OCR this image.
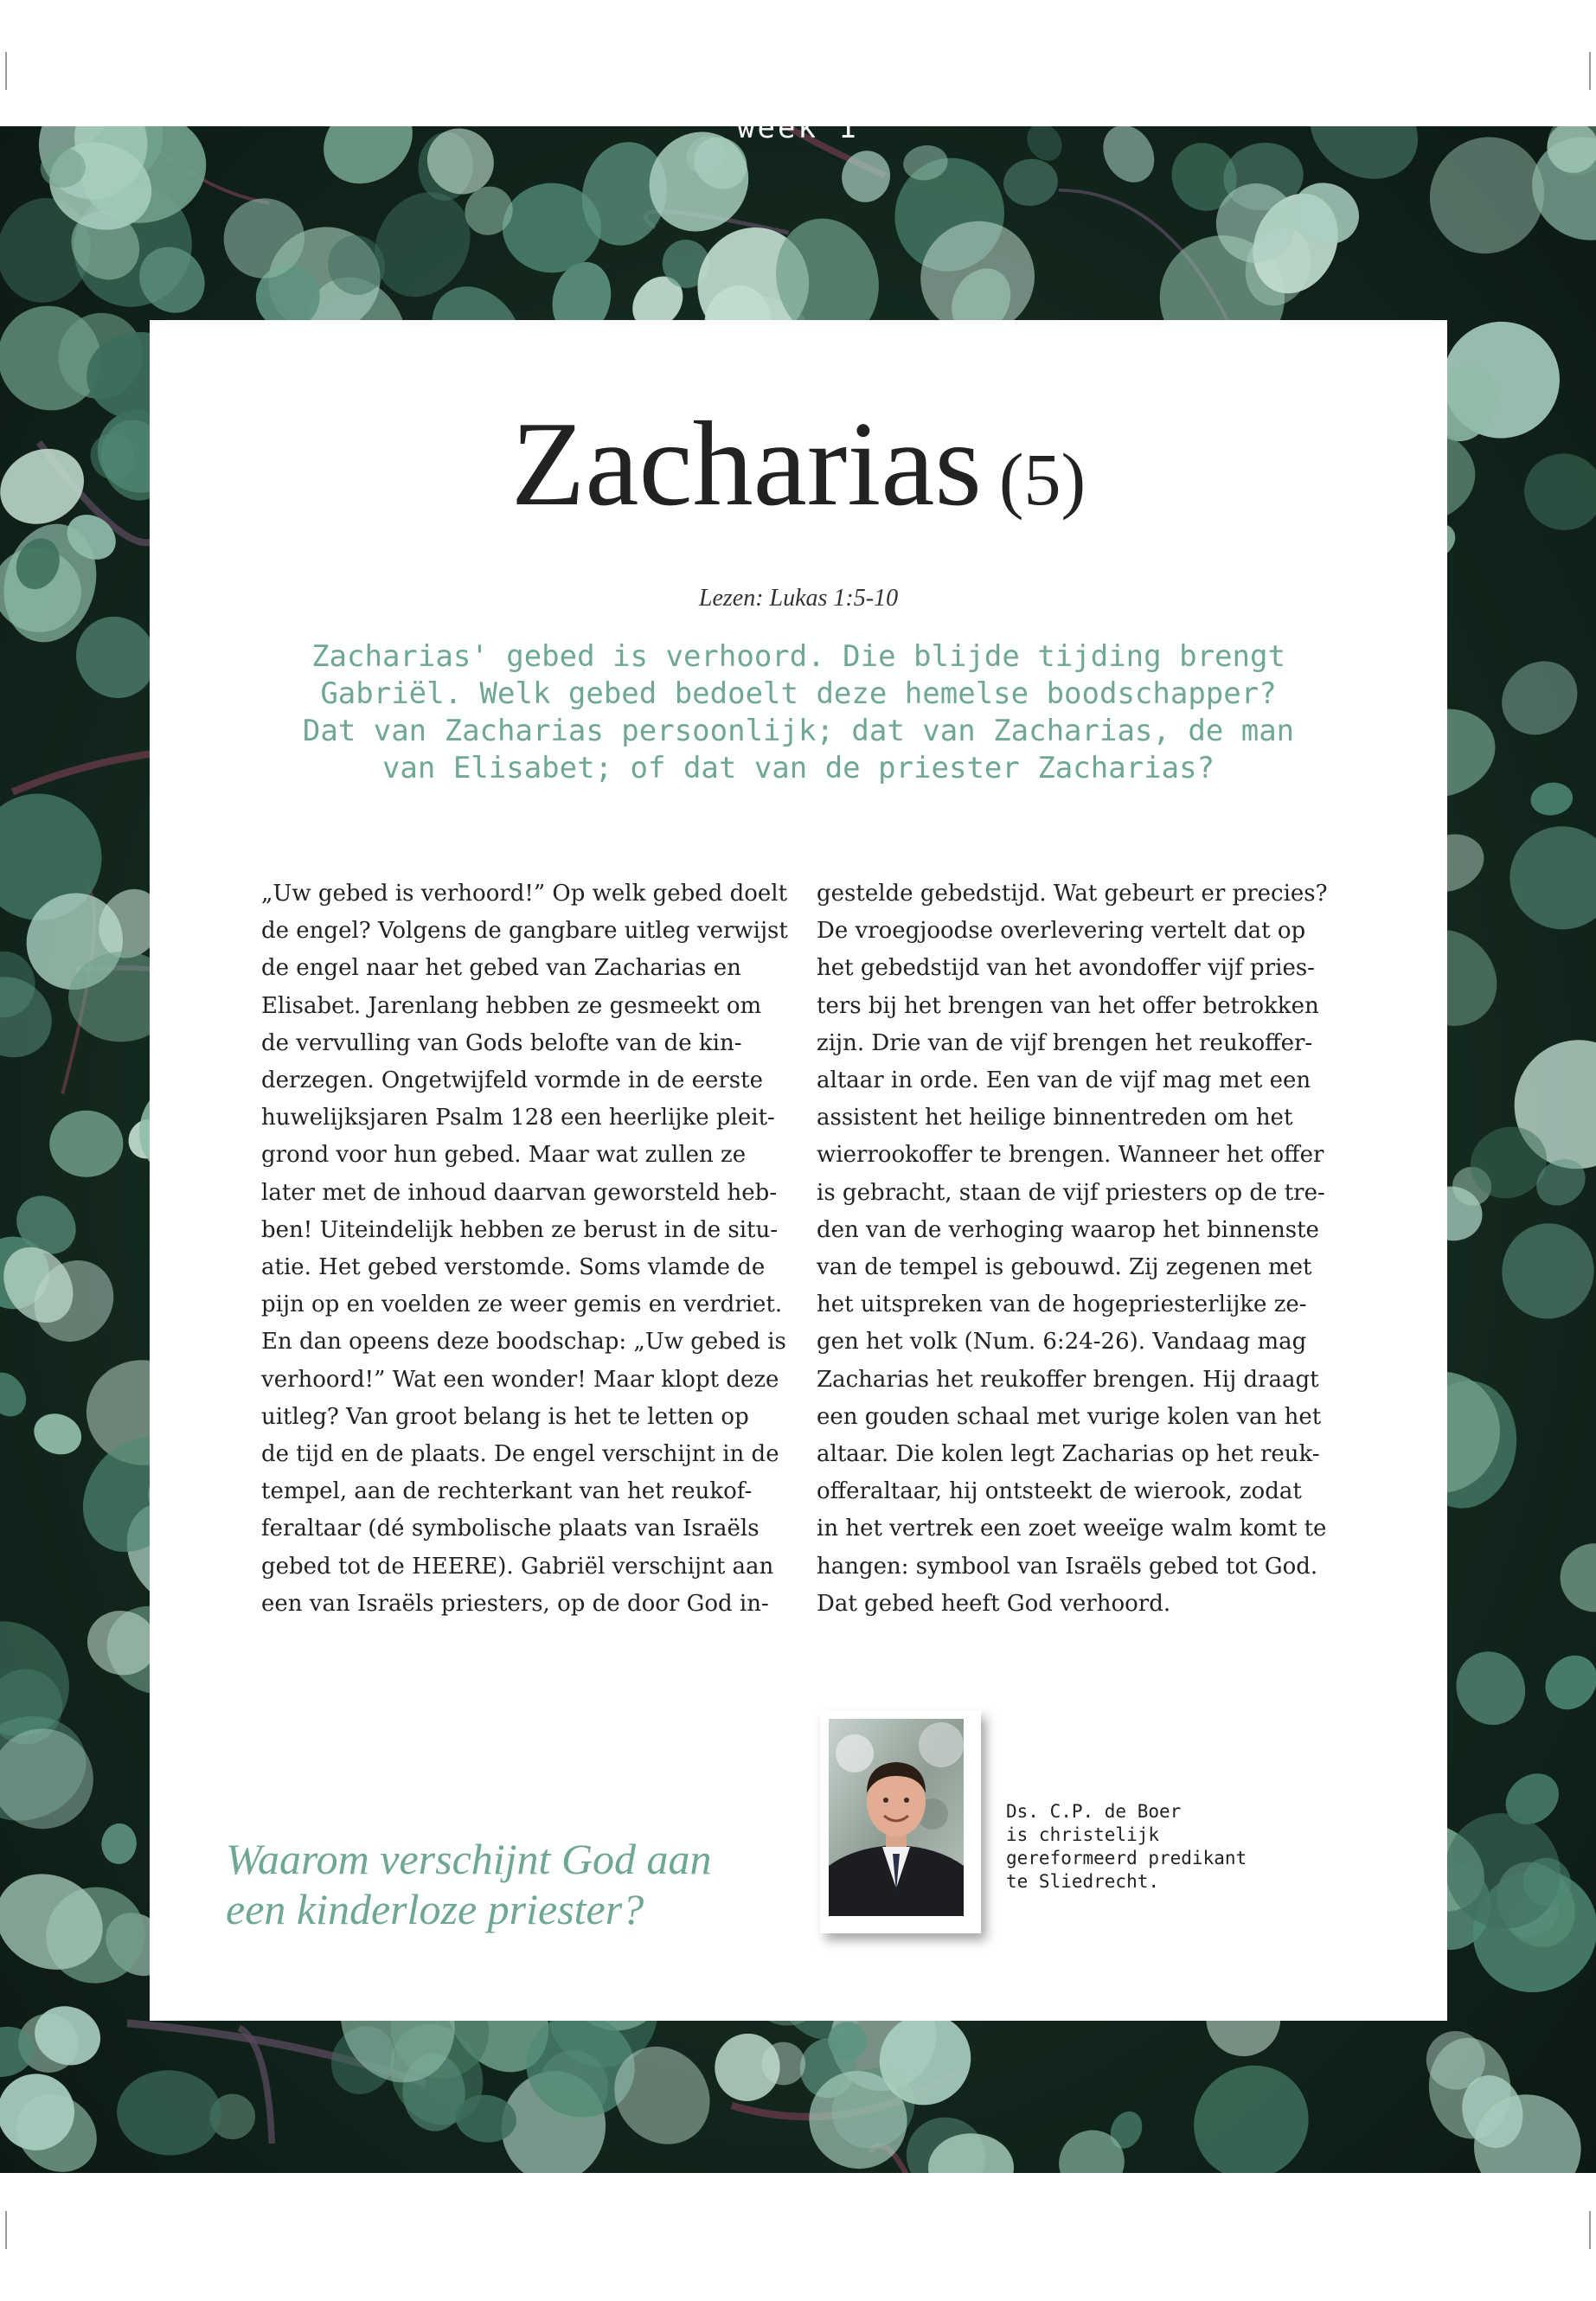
week 1
Zacharias (5)
Lezen: Lukas 1:5-10
Zacharias' gebed is verhoord. Die blijde tijding brengt
Gabriël. Welk gebed bedoelt deze hemelse boodschapper?
Dat van Zacharias persoonlijk; dat van Zacharias, de man
van Elisabet; of dat van de priester Zacharias?
„Uw gebed is verhoord!” Op welk gebed doelt
de engel? Volgens de gangbare uitleg verwijst
de engel naar het gebed van Zacharias en
Elisabet. Jarenlang hebben ze gesmeekt om
de vervulling van Gods belofte van de kin-
derzegen. Ongetwijfeld vormde in de eerste
huwelijksjaren Psalm 128 een heerlijke pleit-
grond voor hun gebed. Maar wat zullen ze
later met de inhoud daarvan geworsteld heb-
ben! Uiteindelijk hebben ze berust in de situ-
atie. Het gebed verstomde. Soms vlamde de
pijn op en voelden ze weer gemis en verdriet.
En dan opeens deze boodschap: „Uw gebed is
verhoord!” Wat een wonder! Maar klopt deze
uitleg? Van groot belang is het te letten op
de tijd en de plaats. De engel verschijnt in de
tempel, aan de rechterkant van het reukof-
feraltaar (dé symbolische plaats van Israëls
gebed tot de HEERE). Gabriël verschijnt aan
een van Israëls priesters, op de door God in-
gestelde gebedstijd. Wat gebeurt er precies?
De vroegjoodse overlevering vertelt dat op
het gebedstijd van het avondoffer vijf pries-
ters bij het brengen van het offer betrokken
zijn. Drie van de vijf brengen het reukoffer-
altaar in orde. Een van de vijf mag met een
assistent het heilige binnentreden om het
wierrookoffer te brengen. Wanneer het offer
is gebracht, staan de vijf priesters op de tre-
den van de verhoging waarop het binnenste
van de tempel is gebouwd. Zij zegenen met
het uitspreken van de hogepriesterlijke ze-
gen het volk (Num. 6:24-26). Vandaag mag
Zacharias het reukoffer brengen. Hij draagt
een gouden schaal met vurige kolen van het
altaar. Die kolen legt Zacharias op het reuk-
offeraltaar, hij ontsteekt de wierook, zodat
in het vertrek een zoet weeïge walm komt te
hangen: symbool van Israëls gebed tot God.
Dat gebed heeft God verhoord.
Waarom verschijnt God aan
een kinderloze priester?
Ds. C.P. de Boer
is christelijk
gereformeerd predikant
te Sliedrecht.
